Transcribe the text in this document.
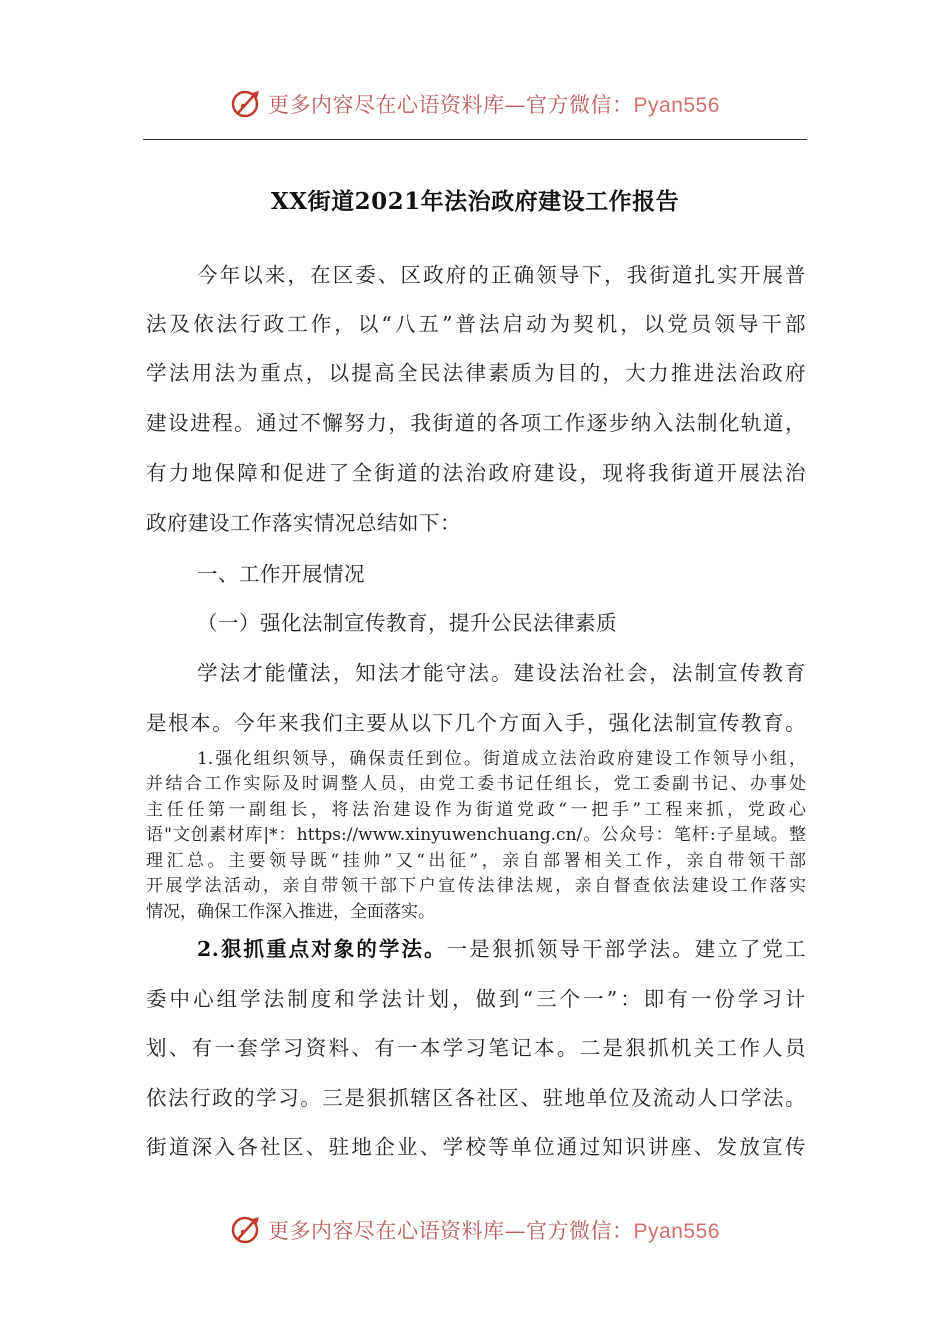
更多内容尽在心语资料库—官方微信：Pyan556
XX街道2021年法治政府建设工作报告
今年以来，在区委、区政府的正确领导下，我街道扎实开展普
法及依法行政工作，以“八五”普法启动为契机，以党员领导干部
学法用法为重点，以提高全民法律素质为目的，大力推进法治政府
建设进程。通过不懈努力，我街道的各项工作逐步纳入法制化轨道，
有力地保障和促进了全街道的法治政府建设，现将我街道开展法治
政府建设工作落实情况总结如下：
一、工作开展情况
（一）强化法制宣传教育，提升公民法律素质
学法才能懂法，知法才能守法。建设法治社会，法制宣传教育
是根本。今年来我们主要从以下几个方面入手，强化法制宣传教育。
1.强化组织领导，确保责任到位。街道成立法治政府建设工作领导小组，
并结合工作实际及时调整人员，由党工委书记任组长，党工委副书记、办事处
主任任第一副组长，将法治建设作为街道党政“一把手”工程来抓，党政心
语"文创素材库|*：https://www.xinyuwenchuang.cn/。公众号：笔杆:子星域。整
理汇总。主要领导既“挂帅”又“出征”，亲自部署相关工作，亲自带领干部
开展学法活动，亲自带领干部下户宣传法律法规，亲自督查依法建设工作落实
情况，确保工作深入推进，全面落实。
2.狠抓重点对象的学法。一是狠抓领导干部学法。建立了党工
委中心组学法制度和学法计划，做到“三个一”：即有一份学习计
划、有一套学习资料、有一本学习笔记本。二是狠抓机关工作人员
依法行政的学习。三是狠抓辖区各社区、驻地单位及流动人口学法。
街道深入各社区、驻地企业、学校等单位通过知识讲座、发放宣传
更多内容尽在心语资料库—官方微信：Pyan556
